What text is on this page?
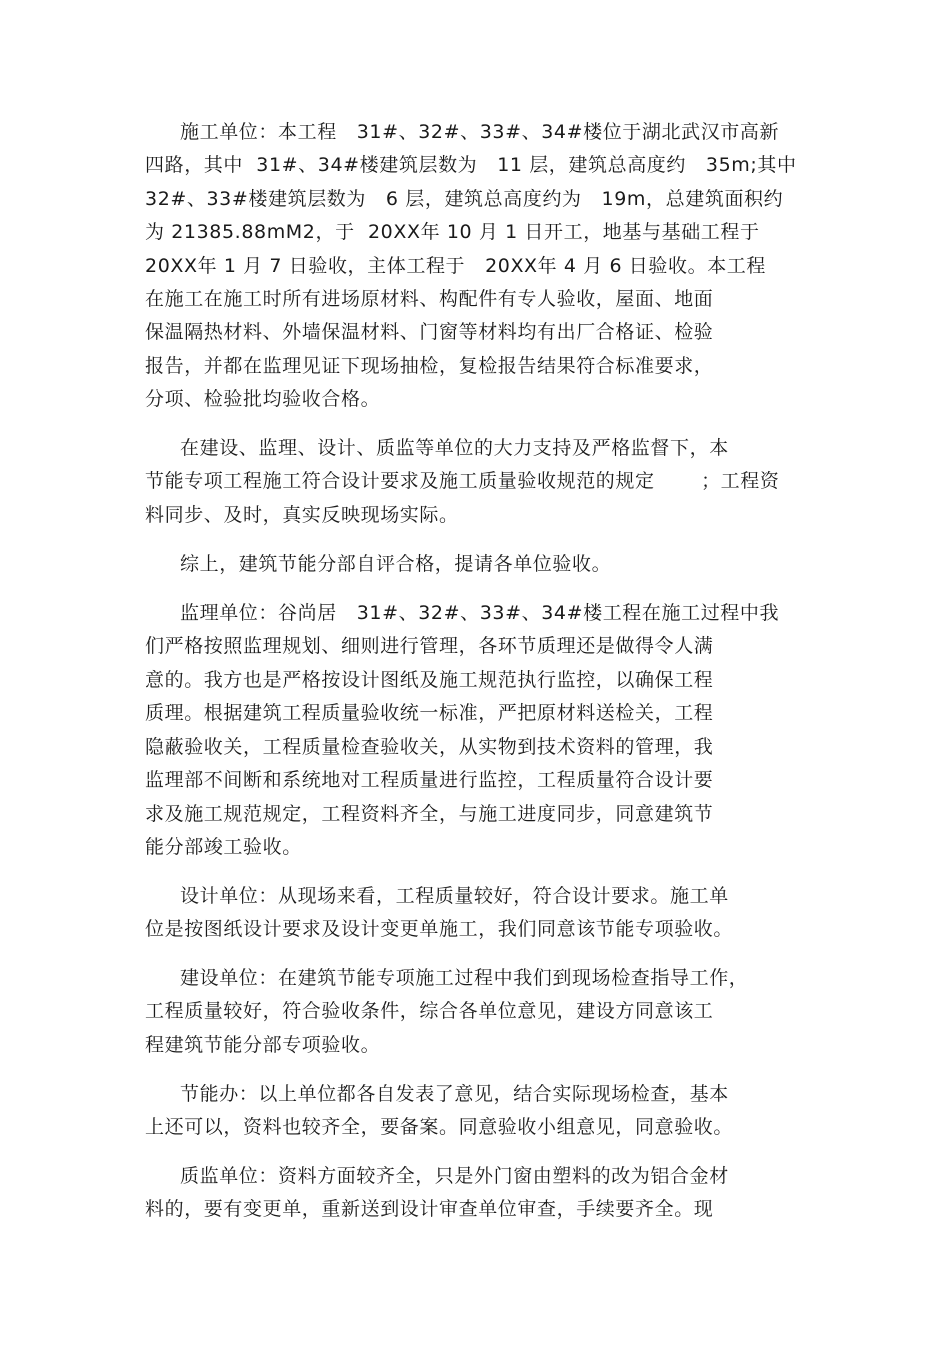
施工单位：本工程   31#、32#、33#、34#楼位于湖北武汉市高新
四路，其中  31#、34#楼建筑层数为   11 层，建筑总高度约   35m;其中
32#、33#楼建筑层数为   6 层，建筑总高度约为   19m，总建筑面积约
为 21385.88mM2，于  20XX年 10 月 1 日开工，地基与基础工程于
20XX年 1 月 7 日验收，主体工程于   20XX年 4 月 6 日验收。本工程
在施工在施工时所有进场原材料、构配件有专人验收，屋面、地面
保温隔热材料、外墙保温材料、门窗等材料均有出厂合格证、检验
报告，并都在监理见证下现场抽检，复检报告结果符合标准要求，
分项、检验批均验收合格。
在建设、监理、设计、质监等单位的大力支持及严格监督下，本
节能专项工程施工符合设计要求及施工质量验收规范的规定       ；工程资
料同步、及时，真实反映现场实际。
综上，建筑节能分部自评合格，提请各单位验收。
监理单位：谷尚居   31#、32#、33#、34#楼工程在施工过程中我
们严格按照监理规划、细则进行管理，各环节质理还是做得令人满
意的。我方也是严格按设计图纸及施工规范执行监控，以确保工程
质理。根据建筑工程质量验收统一标准，严把原材料送检关，工程
隐蔽验收关，工程质量检查验收关，从实物到技术资料的管理，我
监理部不间断和系统地对工程质量进行监控，工程质量符合设计要
求及施工规范规定，工程资料齐全，与施工进度同步，同意建筑节
能分部竣工验收。
设计单位：从现场来看，工程质量较好，符合设计要求。施工单
位是按图纸设计要求及设计变更单施工，我们同意该节能专项验收。
建设单位：在建筑节能专项施工过程中我们到现场检查指导工作，
工程质量较好，符合验收条件，综合各单位意见，建设方同意该工
程建筑节能分部专项验收。
节能办：以上单位都各自发表了意见，结合实际现场检查，基本
上还可以，资料也较齐全，要备案。同意验收小组意见，同意验收。
质监单位：资料方面较齐全，只是外门窗由塑料的改为铝合金材
料的，要有变更单，重新送到设计审查单位审查，手续要齐全。现
